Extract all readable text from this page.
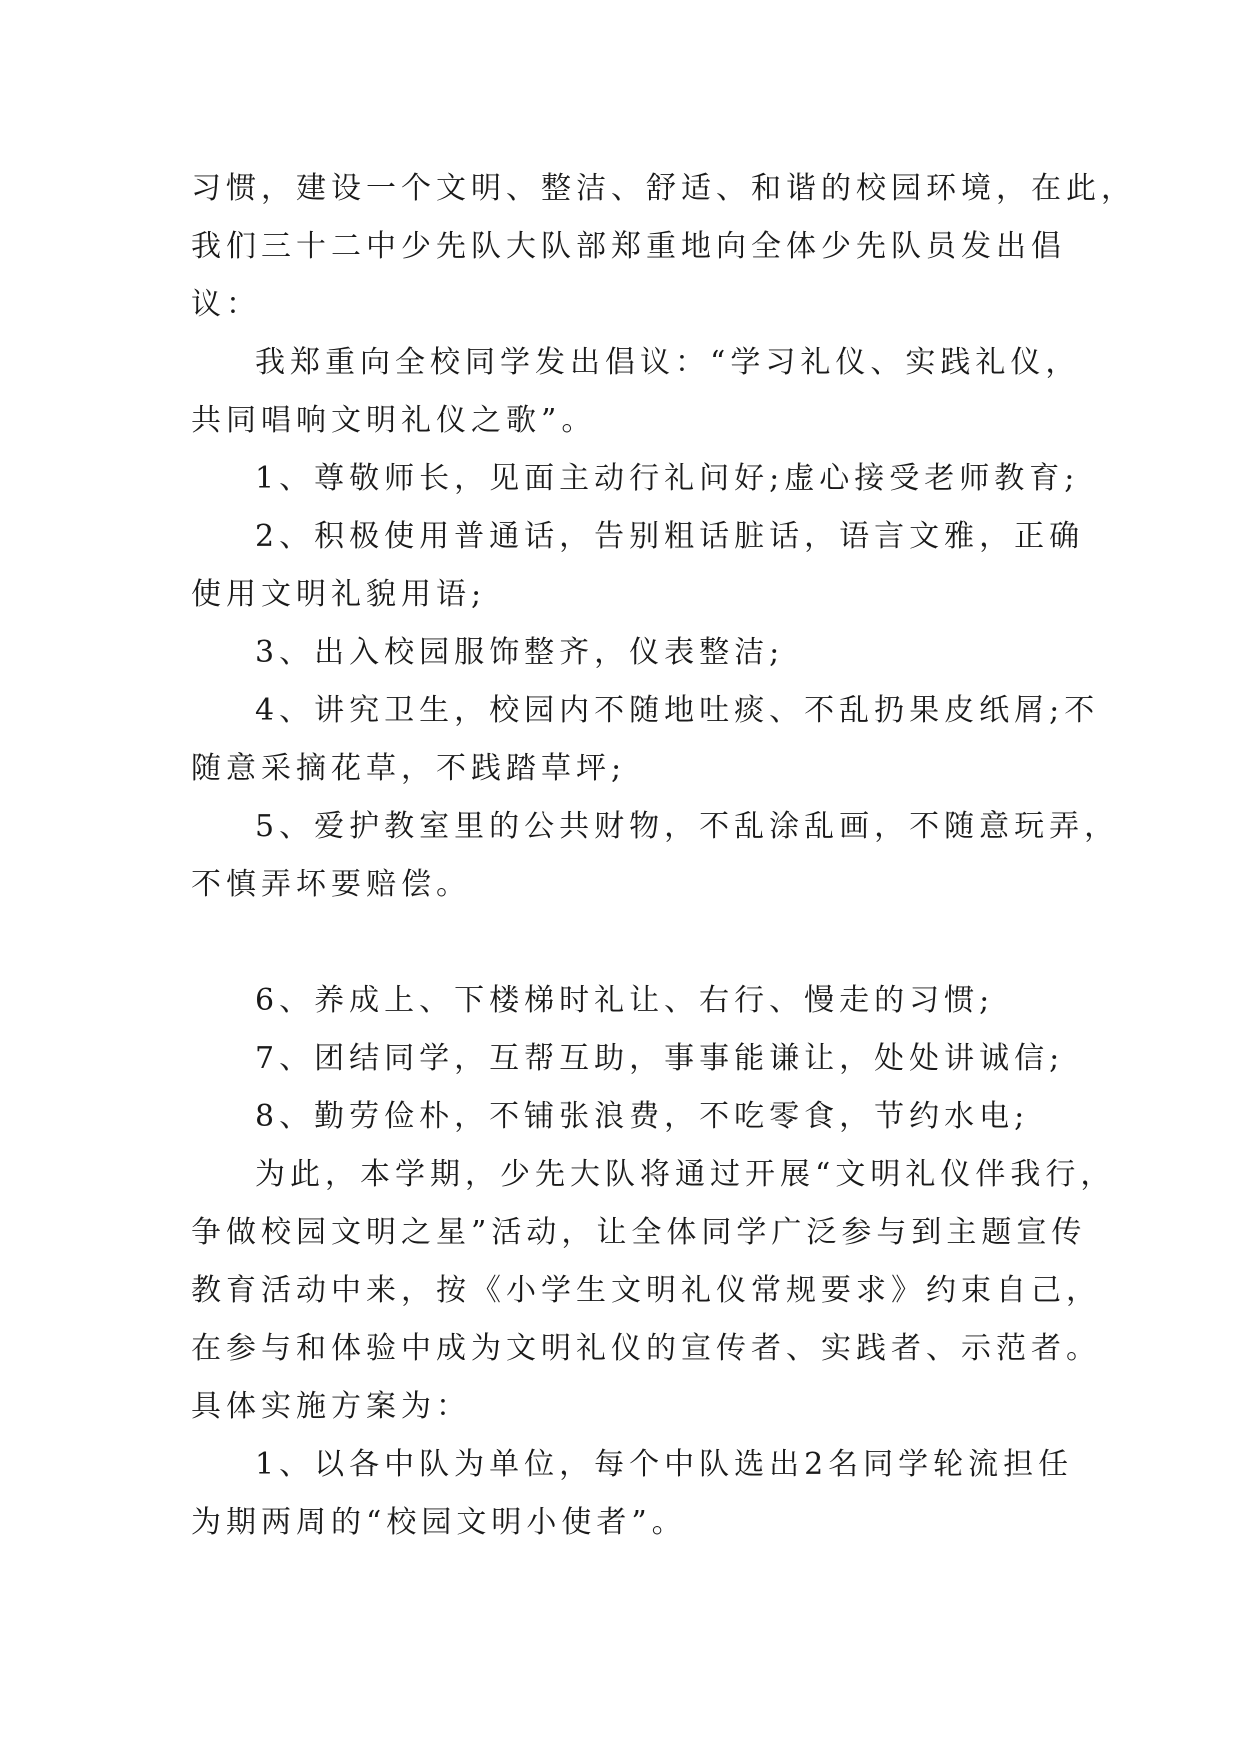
习惯，建设一个文明、整洁、舒适、和谐的校园环境，在此，
我们三十二中少先队大队部郑重地向全体少先队员发出倡
议：
我郑重向全校同学发出倡议：“学习礼仪、实践礼仪，
共同唱响文明礼仪之歌”。
1、尊敬师长，见面主动行礼问好;虚心接受老师教育;
2、积极使用普通话，告别粗话脏话，语言文雅，正确
使用文明礼貌用语;
3、出入校园服饰整齐，仪表整洁;
4、讲究卫生，校园内不随地吐痰、不乱扔果皮纸屑;不
随意采摘花草，不践踏草坪;
5、爱护教室里的公共财物，不乱涂乱画，不随意玩弄，
不慎弄坏要赔偿。
6、养成上、下楼梯时礼让、右行、慢走的习惯;
7、团结同学，互帮互助，事事能谦让，处处讲诚信;
8、勤劳俭朴，不铺张浪费，不吃零食，节约水电;
为此，本学期，少先大队将通过开展“文明礼仪伴我行，
争做校园文明之星”活动，让全体同学广泛参与到主题宣传
教育活动中来，按《小学生文明礼仪常规要求》约束自己，
在参与和体验中成为文明礼仪的宣传者、实践者、示范者。
具体实施方案为：
1、以各中队为单位，每个中队选出2名同学轮流担任
为期两周的“校园文明小使者”。
